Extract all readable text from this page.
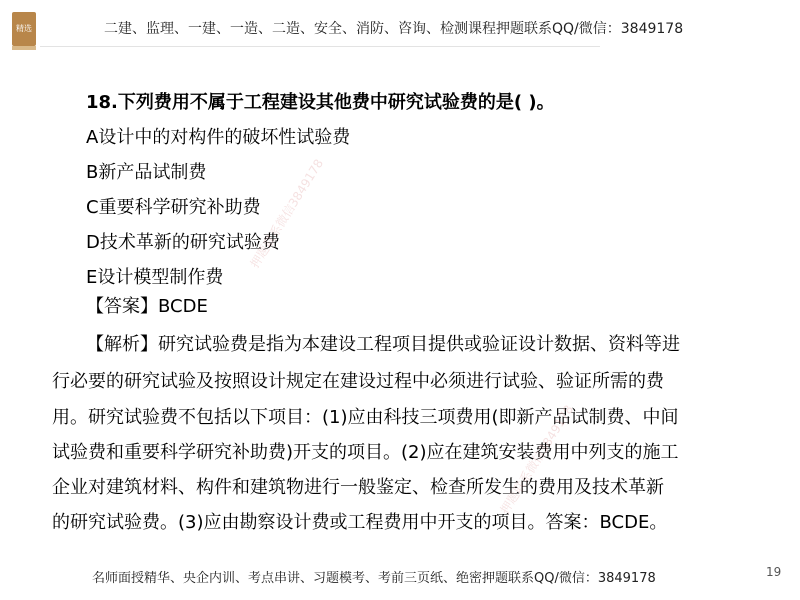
精选	二建、监理、一建、一造、二造、安全、消防、咨询、检测课程押题联系QQ/微信：3849178
18.下列费用不属于工程建设其他费中研究试验费的是( )。
A设计中的对构件的破坏性试验费
B新产品试制费
C重要科学研究补助费
D技术革新的研究试验费
E设计模型制作费
【答案】BCDE
【解析】研究试验费是指为本建设工程项目提供或验证设计数据、资料等进
行必要的研究试验及按照设计规定在建设过程中必须进行试验、验证所需的费
用。研究试验费不包括以下项目：(1)应由科技三项费用(即新产品试制费、中间
试验费和重要科学研究补助费)开支的项目。(2)应在建筑安装费用中列支的施工
企业对建筑材料、构件和建筑物进行一般鉴定、检查所发生的费用及技术革新
的研究试验费。(3)应由勘察设计费或工程费用中开支的项目。答案：BCDE。
押题联系微信3849178
押题联系微信3849178
名师面授精华、央企内训、考点串讲、习题模考、考前三页纸、绝密押题联系QQ/微信：3849178	19
